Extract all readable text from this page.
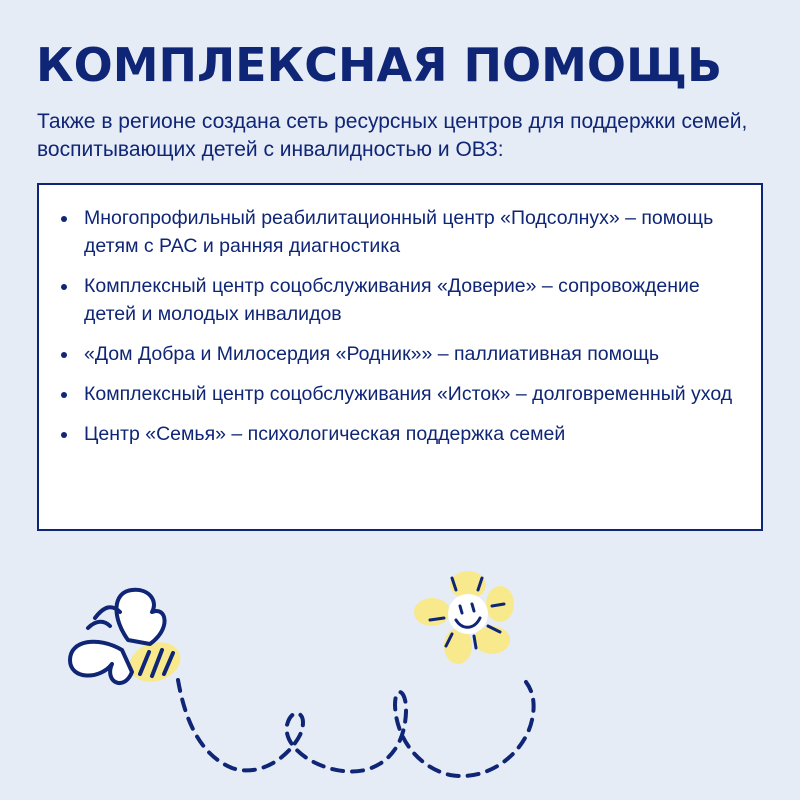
КОМПЛЕКСНАЯ ПОМОЩЬ

Также в регионе создана сеть ресурсных центров для поддержки семей, воспитывающих детей с инвалидностью и ОВЗ:

Многопрофильный реабилитационный центр «Подсолнух» – помощь детям с РАС и ранняя диагностика
Комплексный центр соцобслуживания «Доверие» – сопровождение детей и молодых инвалидов
«Дом Добра и Милосердия «Родник»» – паллиативная помощь
Комплексный центр соцобслуживания «Исток» – долговременный уход
Центр «Семья» – психологическая поддержка семей
